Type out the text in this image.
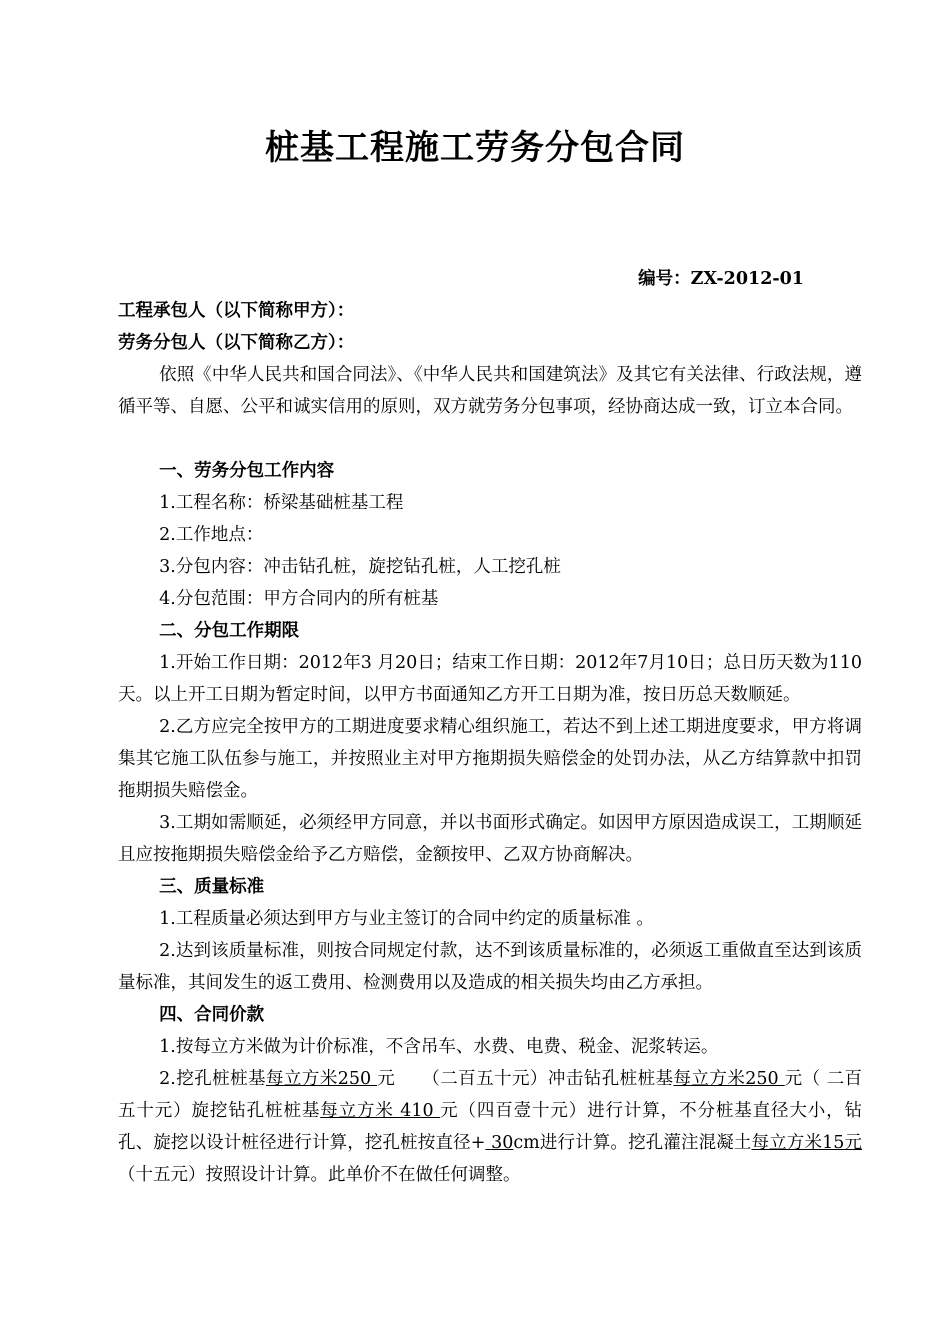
桩基工程施工劳务分包合同

编号：ZX-2012-01

工程承包人（以下简称甲方）：

劳务分包人（以下简称乙方）：

依照《中华人民共和国合同法》、《中华人民共和国建筑法》及其它有关法律、行政法规，遵循平等、自愿、公平和诚实信用的原则，双方就劳务分包事项，经协商达成一致，订立本合同。

一、劳务分包工作内容

1.工程名称：桥梁基础桩基工程

2.工作地点：

3.分包内容：冲击钻孔桩，旋挖钻孔桩，人工挖孔桩

4.分包范围：甲方合同内的所有桩基

二、分包工作期限

1.开始工作日期：2012年3 月20日；结束工作日期：2012年7月10日；总日历天数为110天。以上开工日期为暂定时间，以甲方书面通知乙方开工日期为准，按日历总天数顺延。

2.乙方应完全按甲方的工期进度要求精心组织施工，若达不到上述工期进度要求，甲方将调集其它施工队伍参与施工，并按照业主对甲方拖期损失赔偿金的处罚办法，从乙方结算款中扣罚拖期损失赔偿金。

3.工期如需顺延，必须经甲方同意，并以书面形式确定。如因甲方原因造成误工，工期顺延且应按拖期损失赔偿金给予乙方赔偿，金额按甲、乙双方协商解决。

三、质量标准

1.工程质量必须达到甲方与业主签订的合同中约定的质量标准 。

2.达到该质量标准，则按合同规定付款，达不到该质量标准的，必须返工重做直至达到该质量标准，其间发生的返工费用、检测费用以及造成的相关损失均由乙方承担。

四、合同价款

1.按每立方米做为计价标准，不含吊车、水费、电费、税金、泥浆转运。

2.挖孔桩桩基每立方米250 元　　（二百五十元）冲击钻孔桩桩基每立方米250 元（ 二百五十元）旋挖钻孔桩桩基每立方米 410 元（四百壹十元）进行计算，不分桩基直径大小，钻孔、旋挖以设计桩径进行计算，挖孔桩按直径+ 30cm进行计算。挖孔灌注混凝土每立方米15元（十五元）按照设计计算。此单价不在做任何调整。
